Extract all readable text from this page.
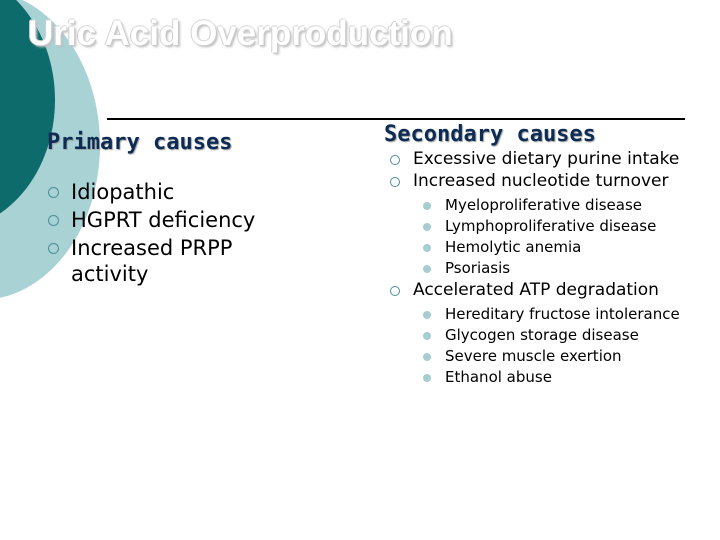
Uric Acid Overproduction
Primary causes
Idiopathic
HGPRT deficiency
Increased PRPP activity
Secondary causes
Excessive dietary purine intake
Increased nucleotide turnover
Myeloproliferative disease
Lymphoproliferative disease
Hemolytic anemia
Psoriasis
Accelerated ATP degradation
Hereditary fructose intolerance
Glycogen storage disease
Severe muscle exertion
Ethanol abuse
